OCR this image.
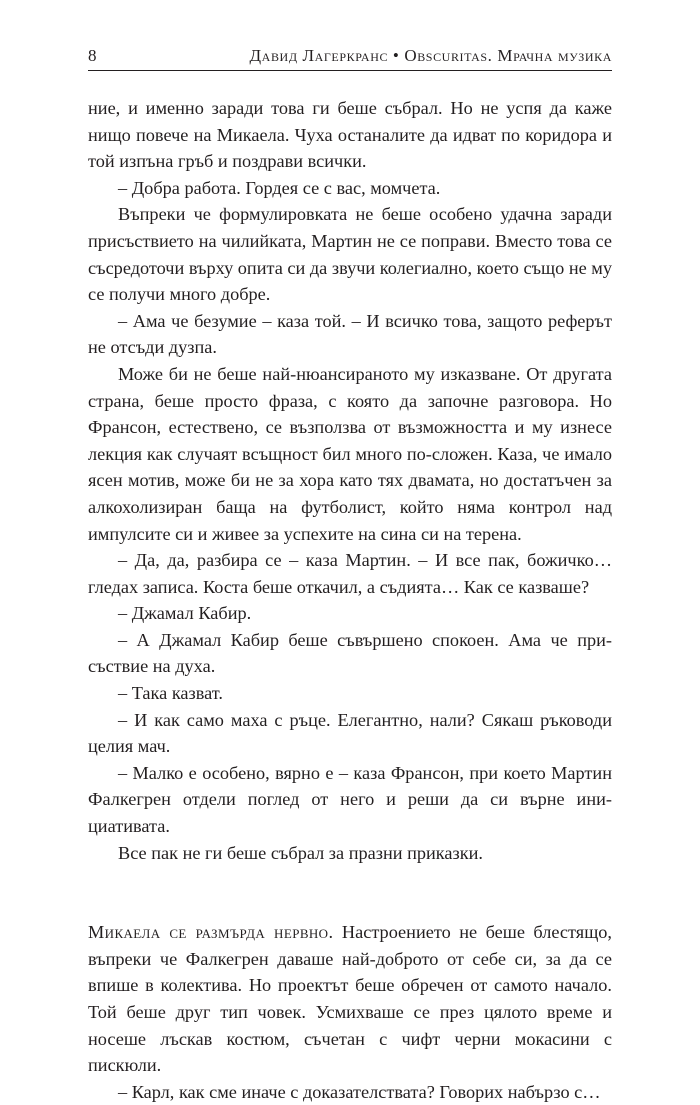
8	Давид Лагеркранс • Obscuritas. Мрачна музика

ние, и именно заради това ги беше събрал. Но не успя да каже нищо повече на Микаела. Чуха останалите да идват по коридора и той изпъна гръб и поздрави всички.

– Добра работа. Гордея се с вас, момчета.

Въпреки че формулировката не беше особено удачна заради присъствието на чилийката, Мартин не се поправи. Вместо това се съсредоточи върху опита си да звучи колегиално, което също не му се получи много добре.

– Ама че безумие – каза той. – И всичко това, защото реферът не отсъди дузпа.

Може би не беше най-нюансираното му изказване. От другата страна, беше просто фраза, с която да започне разговора. Но Франсон, естествено, се възползва от възможността и му изнесе лекция как случаят всъщност бил много по-сложен. Каза, че имало ясен мотив, може би не за хора като тях двамата, но достатъчен за алкохолизиран баща на футболист, който няма контрол над импулсите си и живее за успехите на сина си на терена.

– Да, да, разбира се – каза Мартин. – И все пак, божичко… гледах записа. Коста беше откачил, а съдията… Как се казваше?

– Джамал Кабир.

– А Джамал Кабир беше съвършено спокоен. Ама че присъствие на духа.

– Така казват.

– И как само маха с ръце. Елегантно, нали? Сякаш ръководи целия мач.

– Малко е особено, вярно е – каза Франсон, при което Мартин Фалкегрен отдели поглед от него и реши да си върне инициативата.

Все пак не ги беше събрал за празни приказки.

Микаела се размърда нервно. Настроението не беше блестящо, въпреки че Фалкегрен даваше най-доброто от себе си, за да се впише в колектива. Но проектът беше обречен от самото начало. Той беше друг тип човек. Усмихваше се през цялото време и носеше лъскав костюм, съчетан с чифт черни мокасини с пискюли.

– Карл, как сме иначе с доказателствата? Говорих набързо с…
